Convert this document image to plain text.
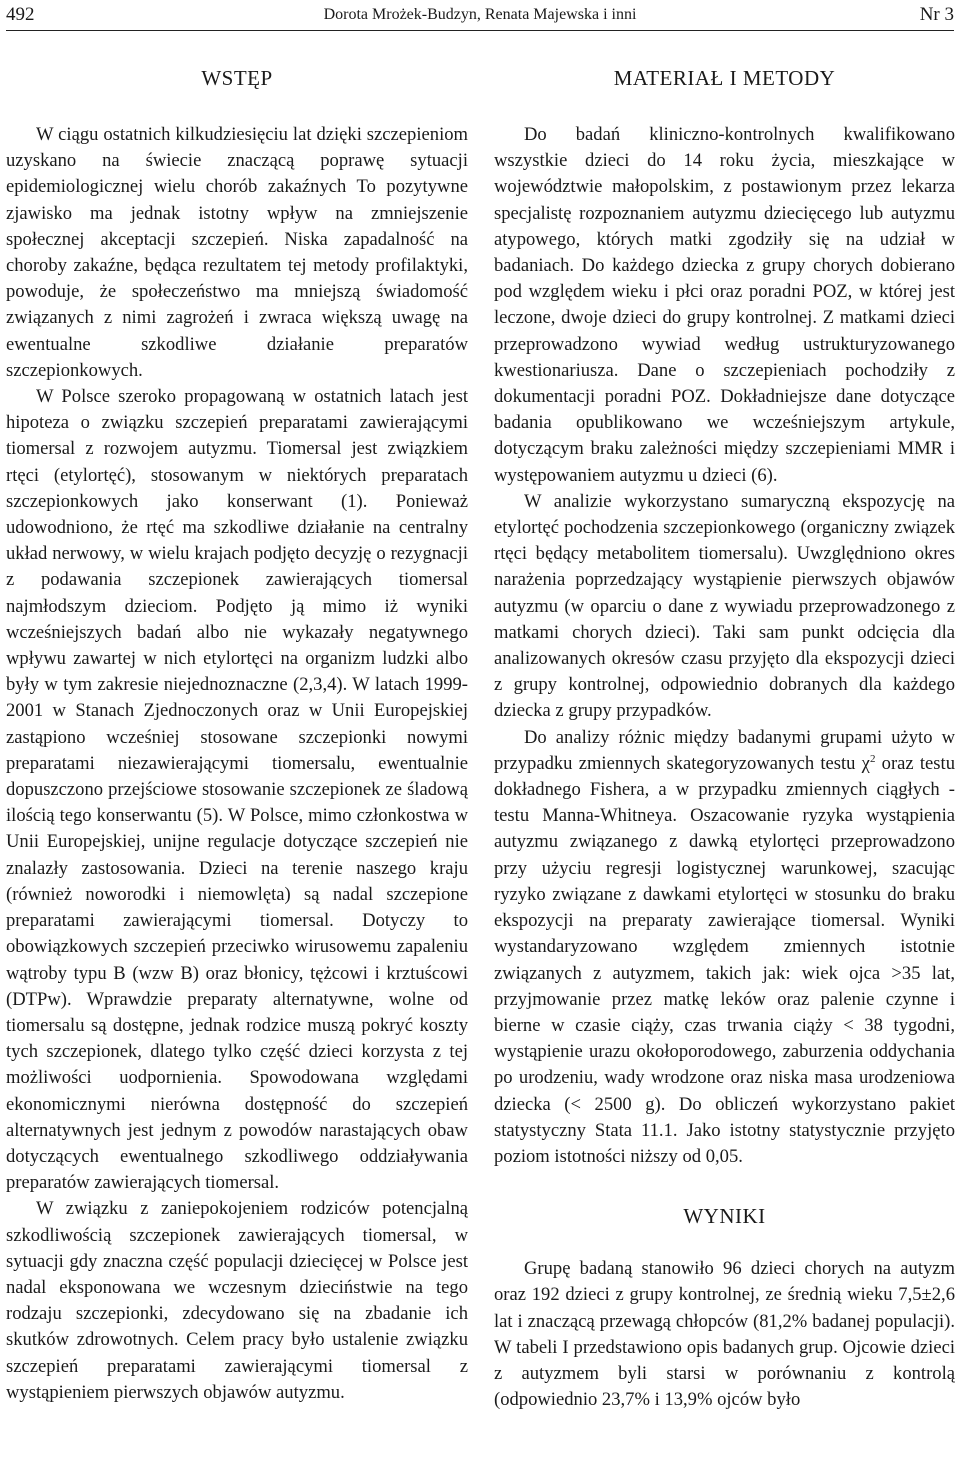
492	Dorota Mrożek-Budzyn, Renata Majewska i inni	Nr 3
WSTĘP

W ciągu ostatnich kilkudziesięciu lat dzięki szczepieniom uzyskano na świecie znaczącą poprawę sytuacji epidemiologicznej wielu chorób zakaźnych To pozytywne zjawisko ma jednak istotny wpływ na zmniejszenie społecznej akceptacji szczepień. Niska zapadalność na choroby zakaźne, będąca rezultatem tej metody profilaktyki, powoduje, że społeczeństwo ma mniejszą świadomość związanych z nimi zagrożeń i zwraca większą uwagę na ewentualne szkodliwe działanie preparatów szczepionkowych.

W Polsce szeroko propagowaną w ostatnich latach jest hipoteza o związku szczepień preparatami zawierającymi tiomersal z rozwojem autyzmu. Tiomersal jest związkiem rtęci (etylortęć), stosowanym w niektórych preparatach szczepionkowych jako konserwant (1). Ponieważ udowodniono, że rtęć ma szkodliwe działanie na centralny układ nerwowy, w wielu krajach podjęto decyzję o rezygnacji z podawania szczepionek zawierających tiomersal najmłodszym dzieciom. Podjęto ją mimo iż wyniki wcześniejszych badań albo nie wykazały negatywnego wpływu zawartej w nich etylortęci na organizm ludzki albo były w tym zakresie niejednoznaczne (2,3,4). W latach 1999-2001 w Stanach Zjednoczonych oraz w Unii Europejskiej zastąpiono wcześniej stosowane szczepionki nowymi preparatami niezawierającymi tiomersalu, ewentualnie dopuszczono przejściowe stosowanie szczepionek ze śladową ilością tego konserwantu (5). W Polsce, mimo członkostwa w Unii Europejskiej, unijne regulacje dotyczące szczepień nie znalazły zastosowania. Dzieci na terenie naszego kraju (również noworodki i niemowlęta) są nadal szczepione preparatami zawierającymi tiomersal. Dotyczy to obowiązkowych szczepień przeciwko wirusowemu zapaleniu wątroby typu B (wzw B) oraz błonicy, tężcowi i krztuścowi (DTPw). Wprawdzie preparaty alternatywne, wolne od tiomersalu są dostępne, jednak rodzice muszą pokryć koszty tych szczepionek, dlatego tylko część dzieci korzysta z tej możliwości uodpornienia. Spowodowana względami ekonomicznymi nierówna dostępność do szczepień alternatywnych jest jednym z powodów narastających obaw dotyczących ewentualnego szkodliwego oddziaływania preparatów zawierających tiomersal.

W związku z zaniepokojeniem rodziców potencjalną szkodliwością szczepionek zawierających tiomersal, w sytuacji gdy znaczna część populacji dziecięcej w Polsce jest nadal eksponowana we wczesnym dzieciństwie na tego rodzaju szczepionki, zdecydowano się na zbadanie ich skutków zdrowotnych. Celem pracy było ustalenie związku szczepień preparatami zawierającymi tiomersal z wystąpieniem pierwszych objawów autyzmu.

MATERIAŁ I METODY

Do badań kliniczno-kontrolnych kwalifikowano wszystkie dzieci do 14 roku życia, mieszkające w województwie małopolskim, z postawionym przez lekarza specjalistę rozpoznaniem autyzmu dziecięcego lub autyzmu atypowego, których matki zgodziły się na udział w badaniach. Do każdego dziecka z grupy chorych dobierano pod względem wieku i płci oraz poradni POZ, w której jest leczone, dwoje dzieci do grupy kontrolnej. Z matkami dzieci przeprowadzono wywiad według ustrukturyzowanego kwestionariusza. Dane o szczepieniach pochodziły z dokumentacji poradni POZ. Dokładniejsze dane dotyczące badania opublikowano we wcześniejszym artykule, dotyczącym braku zależności między szczepieniami MMR i występowaniem autyzmu u dzieci (6).

W analizie wykorzystano sumaryczną ekspozycję na etylortęć pochodzenia szczepionkowego (organiczny związek rtęci będący metabolitem tiomersalu). Uwzględniono okres narażenia poprzedzający wystąpienie pierwszych objawów autyzmu (w oparciu o dane z wywiadu przeprowadzonego z matkami chorych dzieci). Taki sam punkt odcięcia dla analizowanych okresów czasu przyjęto dla ekspozycji dzieci z grupy kontrolnej, odpowiednio dobranych dla każdego dziecka z grupy przypadków.

Do analizy różnic między badanymi grupami użyto w przypadku zmiennych skategoryzowanych testu $\chi^2$ oraz testu dokładnego Fishera, a w przypadku zmiennych ciągłych - testu Manna-Whitneya. Oszacowanie ryzyka wystąpienia autyzmu związanego z dawką etylortęci przeprowadzono przy użyciu regresji logistycznej warunkowej, szacując ryzyko związane z dawkami etylortęci w stosunku do braku ekspozycji na preparaty zawierające tiomersal. Wyniki wystandaryzowano względem zmiennych istotnie związanych z autyzmem, takich jak: wiek ojca >35 lat, przyjmowanie przez matkę leków oraz palenie czynne i bierne w czasie ciąży, czas trwania ciąży < 38 tygodni, wystąpienie urazu okołoporodowego, zaburzenia oddychania po urodzeniu, wady wrodzone oraz niska masa urodzeniowa dziecka (< 2500 g). Do obliczeń wykorzystano pakiet statystyczny Stata 11.1. Jako istotny statystycznie przyjęto poziom istotności niższy od 0,05.

WYNIKI

Grupę badaną stanowiło 96 dzieci chorych na autyzm oraz 192 dzieci z grupy kontrolnej, ze średnią wieku 7,5±2,6 lat i znaczącą przewagą chłopców (81,2% badanej populacji). W tabeli I przedstawiono opis badanych grup. Ojcowie dzieci z autyzmem byli starsi w porównaniu z kontrolą (odpowiednio 23,7% i 13,9% ojców było
